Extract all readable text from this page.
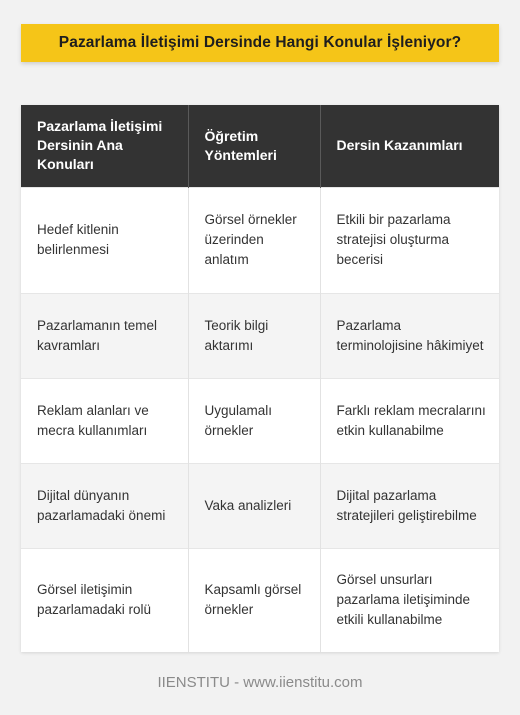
Pazarlama İletişimi Dersinde Hangi Konular İşleniyor?
Pazarlama İletişimi Dersinin Ana Konuları	Öğretim Yöntemleri	Dersin Kazanımları
Hedef kitlenin belirlenmesi	Görsel örnekler üzerinden anlatım	Etkili bir pazarlama stratejisi oluşturma becerisi
Pazarlamanın temel kavramları	Teorik bilgi aktarımı	Pazarlama terminolojisine hâkimiyet
Reklam alanları ve mecra kullanımları	Uygulamalı örnekler	Farklı reklam mecralarını etkin kullanabilme
Dijital dünyanın pazarlamadaki önemi	Vaka analizleri	Dijital pazarlama stratejileri geliştirebilme
Görsel iletişimin pazarlamadaki rolü	Kapsamlı görsel örnekler	Görsel unsurları pazarlama iletişiminde etkili kullanabilme
IIENSTITU - www.iienstitu.com
